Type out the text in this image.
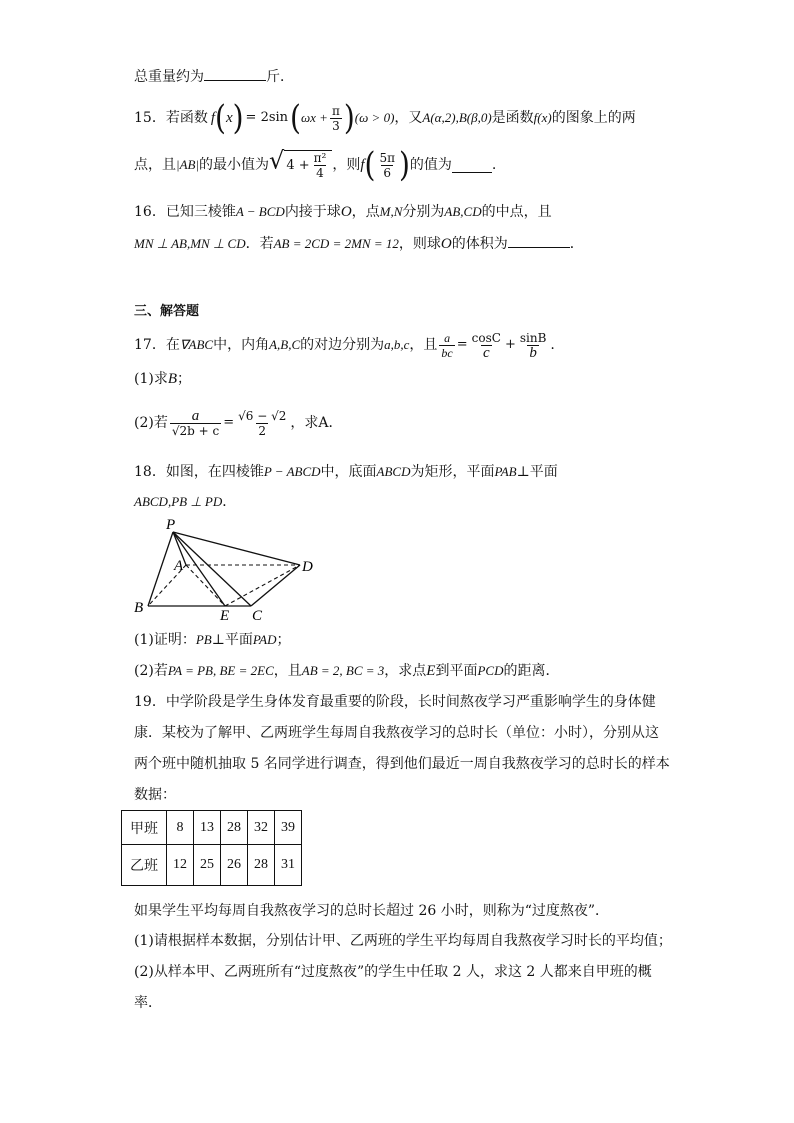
总重量约为	斤．
15．若函数 f ( x ) = 2sin ( $\omega x + \frac{\pi}{3}$ ) (ω > 0) ，又 A(α,2),B(β,0) 是函数 f(x) 的图象上的两
点，且 |AB| 的最小值为 √ $4 + \frac{\text{π²}}{4}$ ，则 f ( $\frac{5\pi}{6}$ ) 的值为	.
16．已知三棱锥A − BCD内接于球O，点M,N分别为AB,CD的中点，且
MN ⊥ AB,MN ⊥ CD．若AB = 2CD = 2MN = 12，则球O的体积为	．
三、解答题
17．在 ∇ABC 中，内角 A,B,C 的对边分别为 a,b,c ，且 $\frac{a}{bc} = \frac{\cos C}{c} + \frac{\sin B}{b}$ .
(1)求B；
(2)若 $\frac{a}{√2b + c} = \frac{√6 - √2}{2}$ ，求A．
18．如图，在四棱锥P − ABCD中，底面ABCD为矩形，平面PAB⊥平面
ABCD,PB ⊥ PD．
P
A
B	E C
D
(1)证明：PB⊥平面PAD；
(2)若PA = PB, BE = 2EC，且AB = 2, BC = 3，求点E到平面PCD的距离．
19．中学阶段是学生身体发育最重要的阶段，长时间熬夜学习严重影响学生的身体健
康．某校为了解甲、乙两班学生每周自我熬夜学习的总时长（单位：小时），分别从这
两个班中随机抽取 5 名同学进行调查，得到他们最近一周自我熬夜学习的总时长的样本
数据：
甲班	8	13	28	32	39
乙班	12	25	26	28	31
如果学生平均每周自我熬夜学习的总时长超过 26 小时，则称为“过度熬夜”．
(1)请根据样本数据，分别估计甲、乙两班的学生平均每周自我熬夜学习时长的平均值；
(2)从样本甲、乙两班所有“过度熬夜”的学生中任取 2 人，求这 2 人都来自甲班的概
率．
